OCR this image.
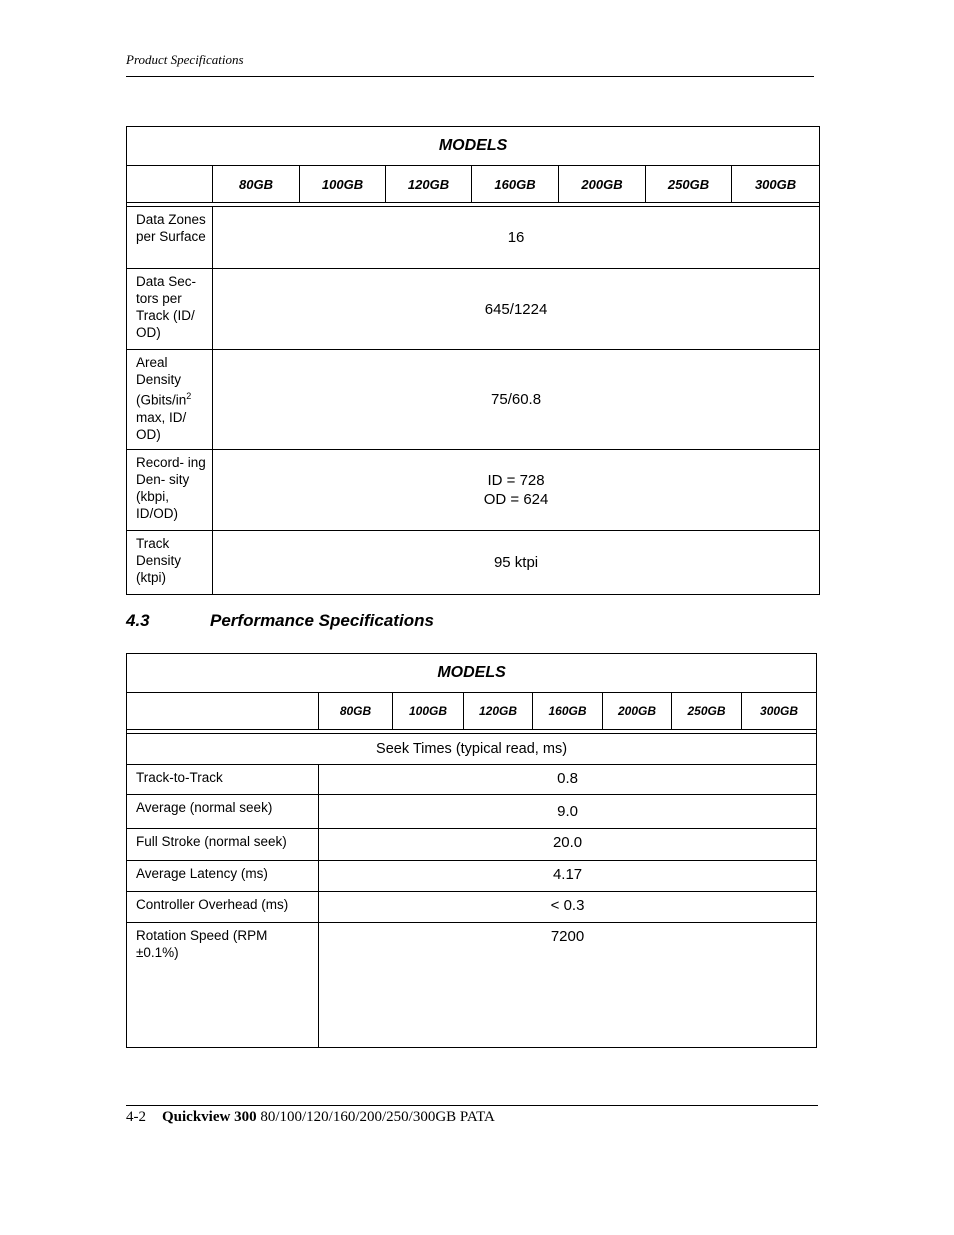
Product Specifications
MODELS							
	80GB	100GB	120GB	160GB	200GB	250GB	300GB

Data Zones per Surface	16						

Data Sec- tors per Track (ID/ OD)	645/1224						

Areal Density ($Gbits/in^2$ max, ID/ OD)	75/60.8						

Record- ing Den- sity (kbpi, ID/OD)	ID = 728
OD = 624						

Track Density (ktpi)	95 ktpi						
4.3	Performance Specifications
MODELS							
	80GB	100GB	120GB	160GB	200GB	250GB	300GB

Seek Times (typical read, ms)							
Track-to-Track	0.8						
Average (normal seek)	9.0						
Full Stroke (normal seek)	20.0						
Average Latency (ms)	4.17						
Controller Overhead (ms)	< 0.3						
Rotation Speed (RPM ±0.1%)	7200						
4-2 Quickview 300 80/100/120/160/200/250/300GB PATA
